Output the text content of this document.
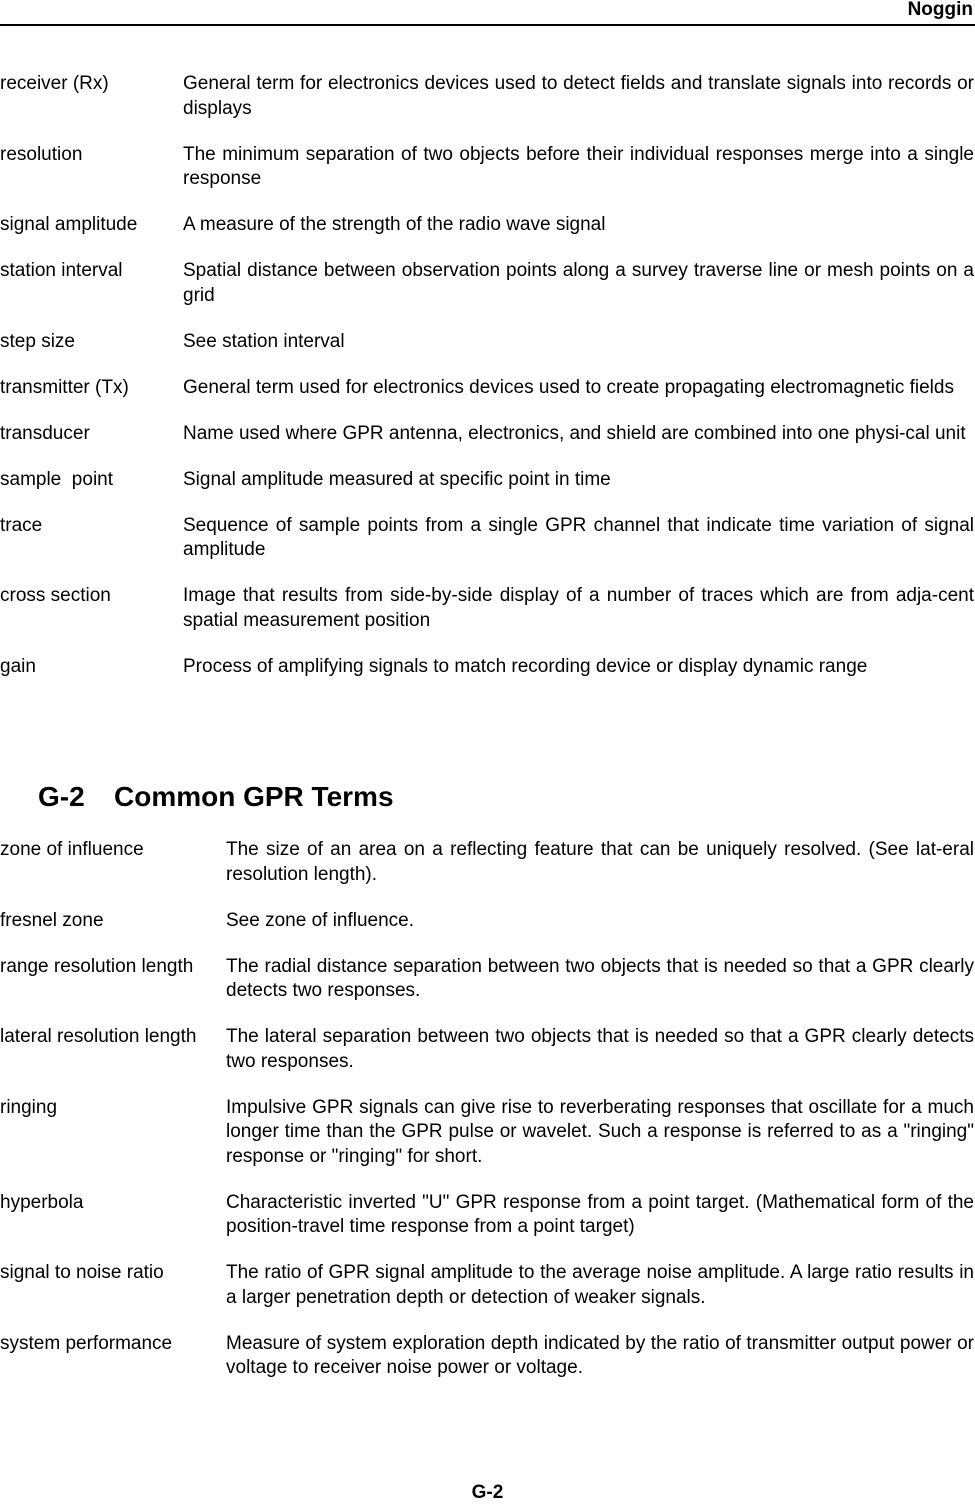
Noggin
receiver (Rx)	General term for electronics devices used to detect fields and translate signals into records or displays
resolution	The minimum separation of two objects before their individual responses merge into a single response
signal amplitude	A measure of the strength of the radio wave signal
station interval	Spatial distance between observation points along a survey traverse line or mesh points on a grid
step size	See station interval
transmitter (Tx)	General term used for electronics devices used to create propagating electromagnetic fields
transducer	Name used where GPR antenna, electronics, and shield are combined into one physi-cal unit
sample  point	Signal amplitude measured at specific point in time
trace	Sequence of sample points from a single GPR channel that indicate time variation of signal amplitude
cross section	Image that results from side-by-side display of a number of traces which are from adja-cent spatial measurement position
gain	Process of amplifying signals to match recording device or display dynamic range
G-2 Common GPR Terms
zone of influence	The size of an area on a reflecting feature that can be uniquely resolved. (See lat-eral resolution length).
fresnel zone	See zone of influence.
range resolution length	The radial distance separation between two objects that is needed so that a GPR clearly detects two responses.
lateral resolution length	The lateral separation between two objects that is needed so that a GPR clearly detects two responses.
ringing	Impulsive GPR signals can give rise to reverberating responses that oscillate for a much longer time than the GPR pulse or wavelet. Such a response is referred to as a "ringing" response or "ringing" for short.
hyperbola	Characteristic inverted "U" GPR response from a point target. (Mathematical form of the position-travel time response from a point target)
signal to noise ratio	The ratio of GPR signal amplitude to the average noise amplitude. A large ratio results in a larger penetration depth or detection of weaker signals.
system performance	Measure of system exploration depth indicated by the ratio of transmitter output power or voltage to receiver noise power or voltage.
G-2
